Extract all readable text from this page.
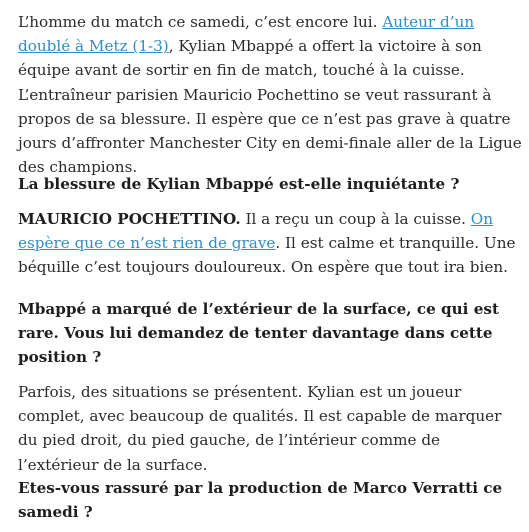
L’homme du match ce samedi, c’est encore lui. Auteur d’un doublé à Metz (1-3), Kylian Mbappé a offert la victoire à son équipe avant de sortir en fin de match, touché à la cuisse. L’entraîneur parisien Mauricio Pochettino se veut rassurant à propos de sa blessure. Il espère que ce n’est pas grave à quatre jours d’affronter Manchester City en demi-finale aller de la Ligue des champions.

La blessure de Kylian Mbappé est-elle inquiétante ?

MAURICIO POCHETTINO. Il a reçu un coup à la cuisse. On espère que ce n’est rien de grave. Il est calme et tranquille. Une béquille c’est toujours douloureux. On espère que tout ira bien.

Mbappé a marqué de l’extérieur de la surface, ce qui est rare. Vous lui demandez de tenter davantage dans cette position ?

Parfois, des situations se présentent. Kylian est un joueur complet, avec beaucoup de qualités. Il est capable de marquer du pied droit, du pied gauche, de l’intérieur comme de l’extérieur de la surface.

Etes-vous rassuré par la production de Marco Verratti ce samedi ?
